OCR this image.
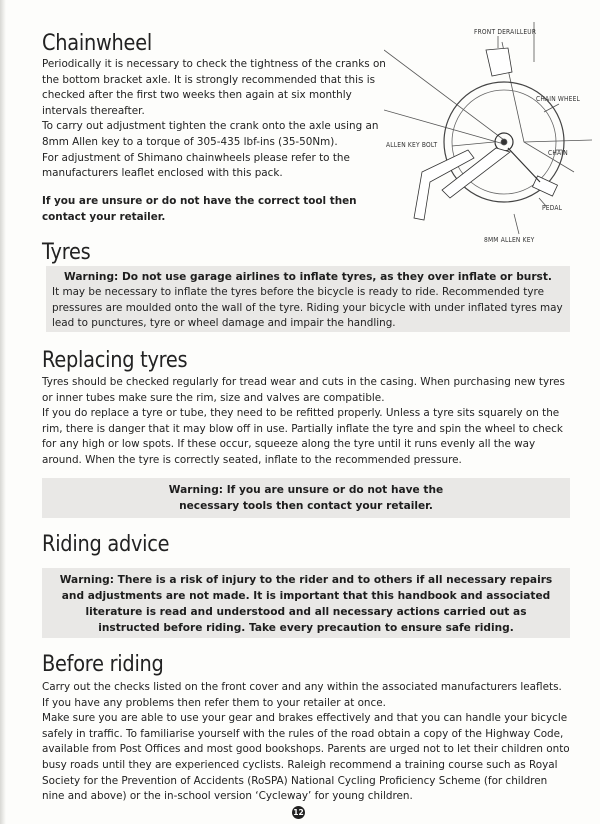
Chainwheel

Periodically it is necessary to check the tightness of the cranks on the bottom bracket axle. It is strongly recommended that this is checked after the first two weeks then again at six monthly intervals thereafter.

To carry out adjustment tighten the crank onto the axle using an 8mm Allen key to a torque of 305-435 lbf-ins (35-50Nm).

For adjustment of Shimano chainwheels please refer to the manufacturers leaflet enclosed with this pack.

If you are unsure or do not have the correct tool then contact your retailer.
FRONT DERAILLEUR
CHAIN WHEEL
ALLEN KEY BOLT
CHAIN
PEDAL
8MM ALLEN KEY
Tyres

Warning: Do not use garage airlines to inflate tyres, as they over inflate or burst.

It may be necessary to inflate the tyres before the bicycle is ready to ride. Recommended tyre pressures are moulded onto the wall of the tyre. Riding your bicycle with under inflated tyres may lead to punctures, tyre or wheel damage and impair the handling.

Replacing tyres

Tyres should be checked regularly for tread wear and cuts in the casing. When purchasing new tyres or inner tubes make sure the rim, size and valves are compatible.

If you do replace a tyre or tube, they need to be refitted properly. Unless a tyre sits squarely on the rim, there is danger that it may blow off in use. Partially inflate the tyre and spin the wheel to check for any high or low spots. If these occur, squeeze along the tyre until it runs evenly all the way around. When the tyre is correctly seated, inflate to the recommended pressure.

Warning: If you are unsure or do not have the necessary tools then contact your retailer.

Riding advice

Warning: There is a risk of injury to the rider and to others if all necessary repairs and adjustments are not made. It is important that this handbook and associated literature is read and understood and all necessary actions carried out as instructed before riding. Take every precaution to ensure safe riding.

Before riding

Carry out the checks listed on the front cover and any within the associated manufacturers leaflets. If you have any problems then refer them to your retailer at once.

Make sure you are able to use your gear and brakes effectively and that you can handle your bicycle safely in traffic. To familiarise yourself with the rules of the road obtain a copy of the Highway Code, available from Post Offices and most good bookshops. Parents are urged not to let their children onto busy roads until they are experienced cyclists. Raleigh recommend a training course such as Royal Society for the Prevention of Accidents (RoSPA) National Cycling Proficiency Scheme (for children nine and above) or the in-school version ‘Cycleway’ for young children.

12
